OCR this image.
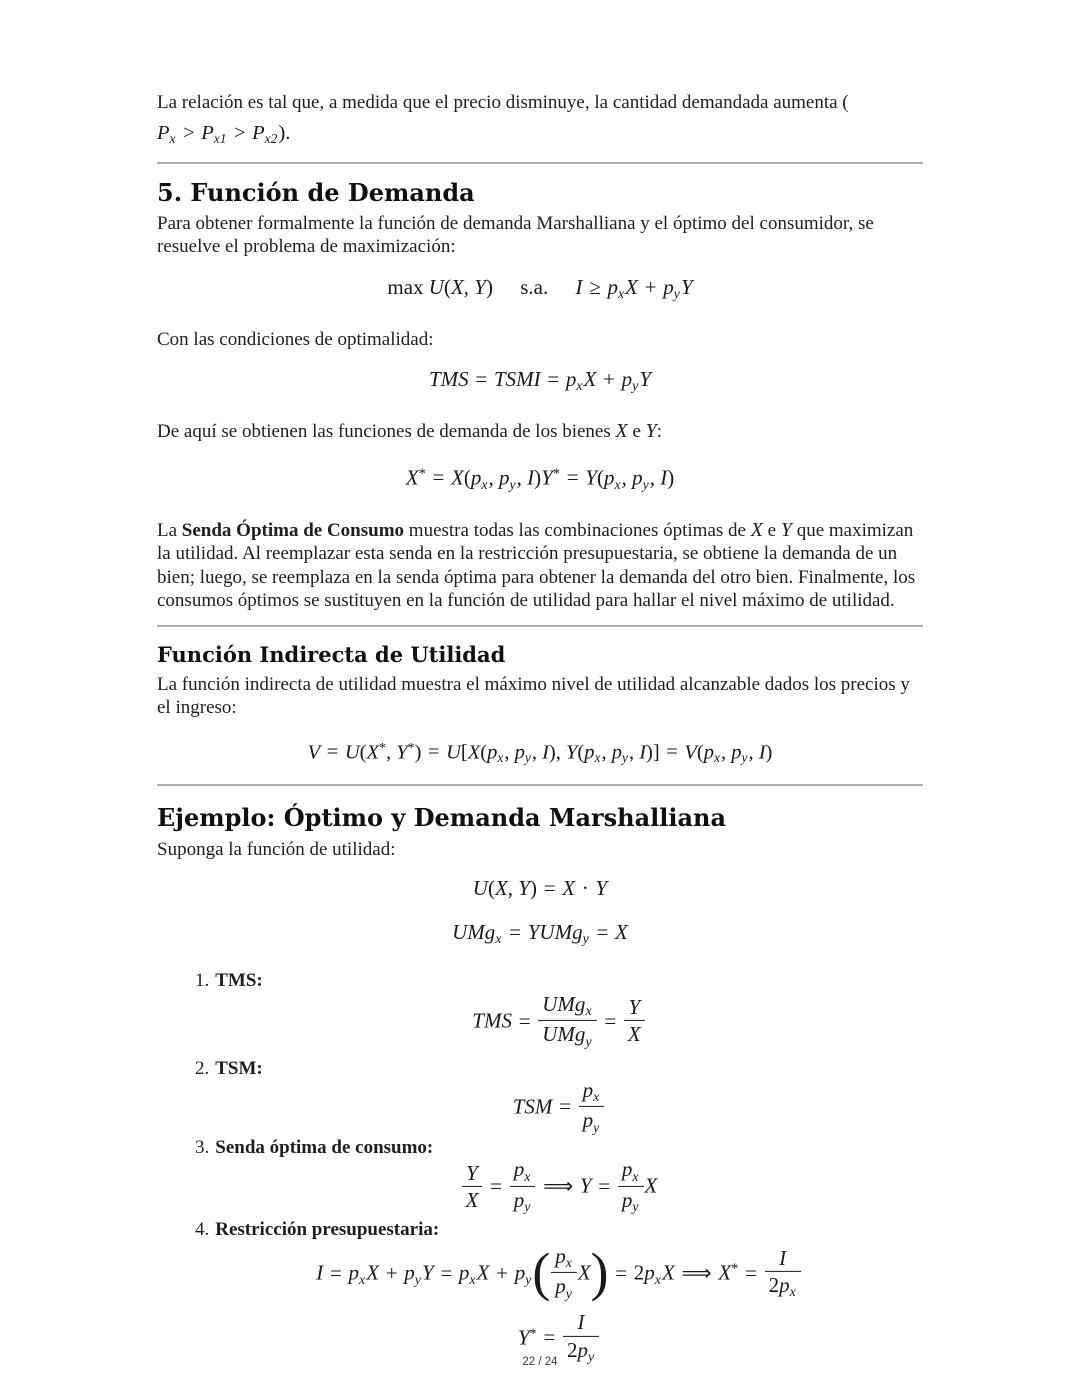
La relación es tal que, a medida que el precio disminuye, la cantidad demandada aumenta (

$P_x > P_{x1} > P_{x2}$).
5. Función de Demanda

Para obtener formalmente la función de demanda Marshalliana y el óptimo del consumidor, se resuelve el problema de maximización:

max U(X, Y) s.a. $I \ge p_xX + p_yY$

Con las condiciones de optimalidad:

TMS = TSMI = $p_xX + p_yY$

De aquí se obtienen las funciones de demanda de los bienes X e Y:

$X^* = X(p_x$, $p_y$, $I)Y^* = Y(p_x$, $p_y$, I)

La Senda Óptima de Consumo muestra todas las combinaciones óptimas de X e Y que maximizan la utilidad. Al reemplazar esta senda en la restricción presupuestaria, se obtiene la demanda de un bien; luego, se reemplaza en la senda óptima para obtener la demanda del otro bien. Finalmente, los consumos óptimos se sustituyen en la función de utilidad para hallar el nivel máximo de utilidad.

Función Indirecta de Utilidad

La función indirecta de utilidad muestra el máximo nivel de utilidad alcanzable dados los precios y el ingreso:

V = U(X*, $Y^*) = U[X(p_x$, $p_y$, I), $Y(p_x$, $p_y$, $I)] = V(p_x$, $p_y$, I)
Ejemplo: Óptimo y Demanda Marshalliana

Suponga la función de utilidad:

U(X, Y) = X · Y
UMg$_x$ = YUMg$_y$ = X
1. TMS:
TMS = $\frac{UMg_x}{UMg_y} = \frac{Y}{X}$
2. TSM:
TSM = $\frac{p_x}{p_y}$
3. Senda óptima de consumo:
$\frac{Y}{X} = \frac{p_x}{p_y}$ ⟹ $Y = \frac{p_x}{p_y}$ X
4. Restricción presupuestaria:
$I = p_xX + p_yY = p_xX + p_y( \frac{p_x}{p_y} X) = 2p_xX$ ⟹ $X^* = \frac{I}{2p_x}$
$Y^* = \frac{I}{2p_y}$
22 / 24
